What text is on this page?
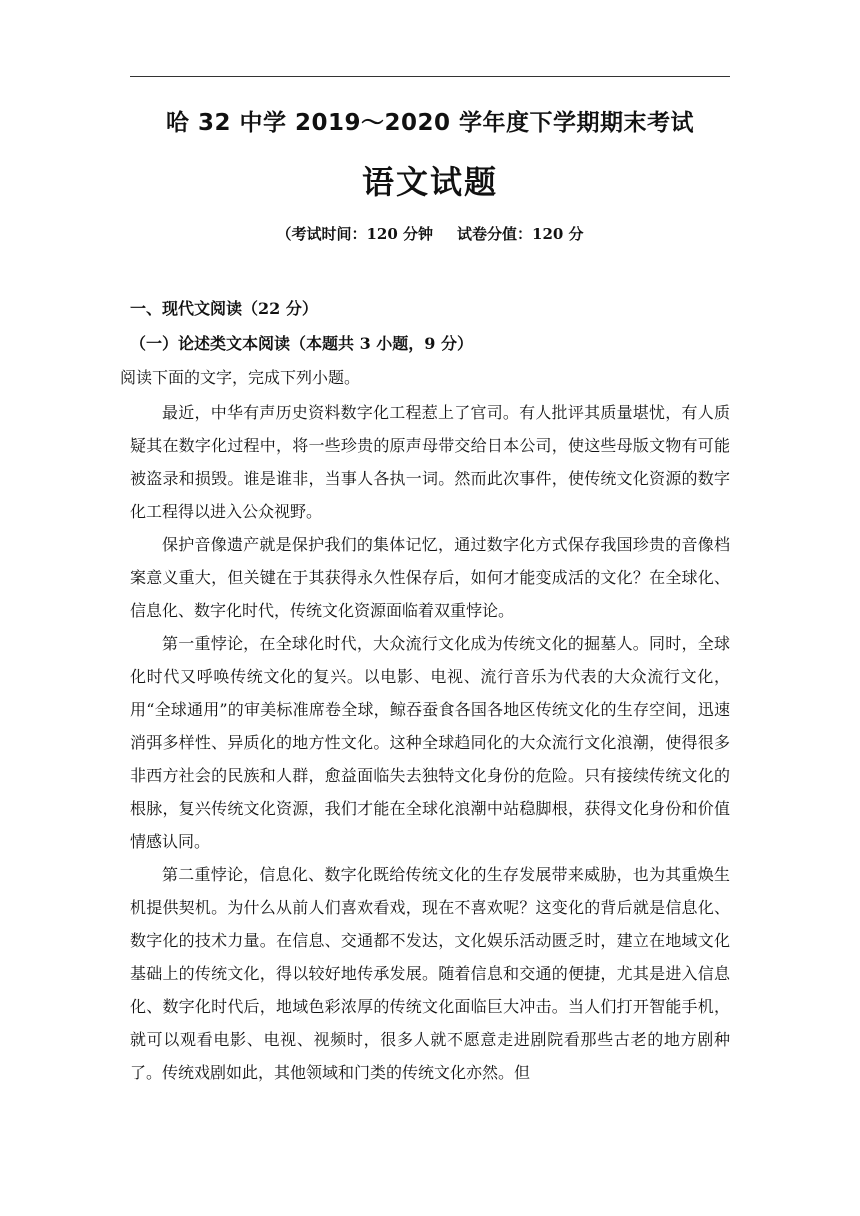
哈 32 中学 2019～2020 学年度下学期期末考试
语文试题
（考试时间：120 分钟 试卷分值：120 分
一、现代文阅读（22 分）
（一）论述类文本阅读（本题共 3 小题，9 分）
阅读下面的文字，完成下列小题。

最近，中华有声历史资料数字化工程惹上了官司。有人批评其质量堪忧，有人质疑其在数字化过程中，将一些珍贵的原声母带交给日本公司，使这些母版文物有可能被盗录和损毁。谁是谁非，当事人各执一词。然而此次事件，使传统文化资源的数字化工程得以进入公众视野。

保护音像遗产就是保护我们的集体记忆，通过数字化方式保存我国珍贵的音像档案意义重大，但关键在于其获得永久性保存后，如何才能变成活的文化？在全球化、信息化、数字化时代，传统文化资源面临着双重悖论。

第一重悖论，在全球化时代，大众流行文化成为传统文化的掘墓人。同时，全球化时代又呼唤传统文化的复兴。以电影、电视、流行音乐为代表的大众流行文化，用“全球通用”的审美标准席卷全球，鲸吞蚕食各国各地区传统文化的生存空间，迅速消弭多样性、异质化的地方性文化。这种全球趋同化的大众流行文化浪潮，使得很多非西方社会的民族和人群，愈益面临失去独特文化身份的危险。只有接续传统文化的根脉，复兴传统文化资源，我们才能在全球化浪潮中站稳脚根，获得文化身份和价值情感认同。

第二重悖论，信息化、数字化既给传统文化的生存发展带来威胁，也为其重焕生机提供契机。为什么从前人们喜欢看戏，现在不喜欢呢？这变化的背后就是信息化、数字化的技术力量。在信息、交通都不发达，文化娱乐活动匮乏时，建立在地域文化基础上的传统文化，得以较好地传承发展。随着信息和交通的便捷，尤其是进入信息化、数字化时代后，地域色彩浓厚的传统文化面临巨大冲击。当人们打开智能手机，就可以观看电影、电视、视频时，很多人就不愿意走进剧院看那些古老的地方剧种了。传统戏剧如此，其他领域和门类的传统文化亦然。但
